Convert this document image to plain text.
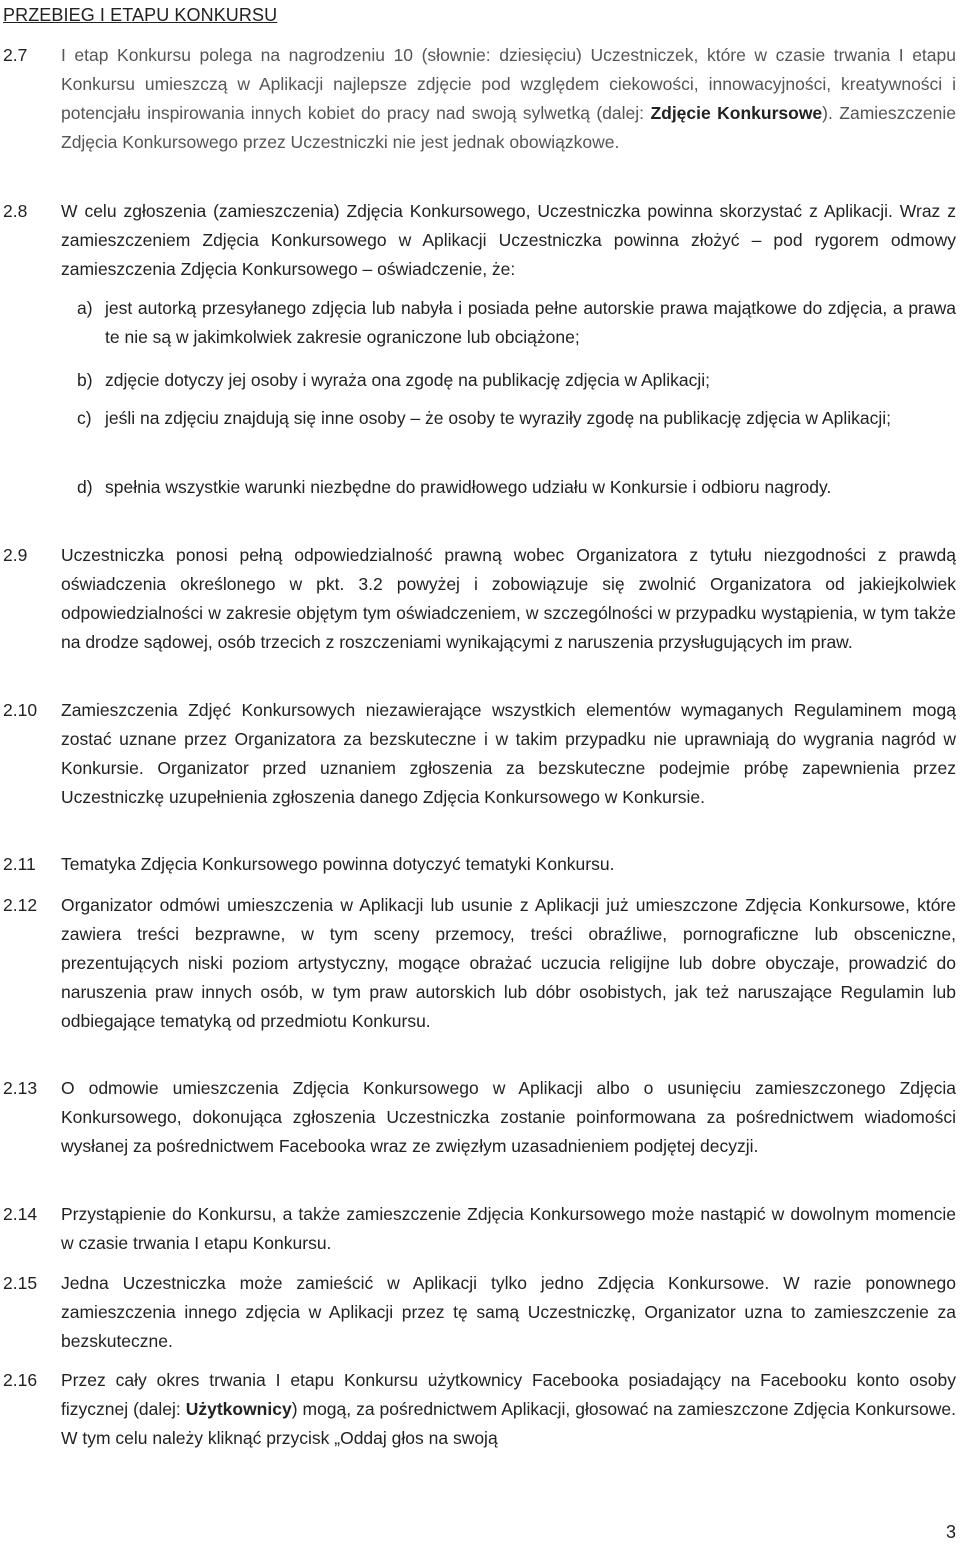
PRZEBIEG I ETAPU KONKURSU
2.7 I etap Konkursu polega na nagrodzeniu 10 (słownie: dziesięciu) Uczestniczek, które w czasie trwania I etapu Konkursu umieszczą w Aplikacji najlepsze zdjęcie pod względem ciekowości, innowacyjności, kreatywności i potencjału inspirowania innych kobiet do pracy nad swoją sylwetką (dalej: Zdjęcie Konkursowe). Zamieszczenie Zdjęcia Konkursowego przez Uczestniczki nie jest jednak obowiązkowe.
2.8 W celu zgłoszenia (zamieszczenia) Zdjęcia Konkursowego, Uczestniczka powinna skorzystać z Aplikacji. Wraz z zamieszczeniem Zdjęcia Konkursowego w Aplikacji Uczestniczka powinna złożyć – pod rygorem odmowy zamieszczenia Zdjęcia Konkursowego – oświadczenie, że:
a) jest autorką przesyłanego zdjęcia lub nabyła i posiada pełne autorskie prawa majątkowe do zdjęcia, a prawa te nie są w jakimkolwiek zakresie ograniczone lub obciążone;
b) zdjęcie dotyczy jej osoby i wyraża ona zgodę na publikację zdjęcia w Aplikacji;
c) jeśli na zdjęciu znajdują się inne osoby – że osoby te wyraziły zgodę na publikację zdjęcia w Aplikacji;
d) spełnia wszystkie warunki niezbędne do prawidłowego udziału w Konkursie i odbioru nagrody.
2.9 Uczestniczka ponosi pełną odpowiedzialność prawną wobec Organizatora z tytułu niezgodności z prawdą oświadczenia określonego w pkt. 3.2 powyżej i zobowiązuje się zwolnić Organizatora od jakiejkolwiek odpowiedzialności w zakresie objętym tym oświadczeniem, w szczególności w przypadku wystąpienia, w tym także na drodze sądowej, osób trzecich z roszczeniami wynikającymi z naruszenia przysługujących im praw.
2.10 Zamieszczenia Zdjęć Konkursowych niezawierające wszystkich elementów wymaganych Regulaminem mogą zostać uznane przez Organizatora za bezskuteczne i w takim przypadku nie uprawniają do wygrania nagród w Konkursie. Organizator przed uznaniem zgłoszenia za bezskuteczne podejmie próbę zapewnienia przez Uczestniczkę uzupełnienia zgłoszenia danego Zdjęcia Konkursowego w Konkursie.
2.11 Tematyka Zdjęcia Konkursowego powinna dotyczyć tematyki Konkursu.
2.12 Organizator odmówi umieszczenia w Aplikacji lub usunie z Aplikacji już umieszczone Zdjęcia Konkursowe, które zawiera treści bezprawne, w tym sceny przemocy, treści obraźliwe, pornograficzne lub obsceniczne, prezentujących niski poziom artystyczny, mogące obrażać uczucia religijne lub dobre obyczaje, prowadzić do naruszenia praw innych osób, w tym praw autorskich lub dóbr osobistych, jak też naruszające Regulamin lub odbiegające tematyką od przedmiotu Konkursu.
2.13 O odmowie umieszczenia Zdjęcia Konkursowego w Aplikacji albo o usunięciu zamieszczonego Zdjęcia Konkursowego, dokonująca zgłoszenia Uczestniczka zostanie poinformowana za pośrednictwem wiadomości wysłanej za pośrednictwem Facebooka wraz ze zwięzłym uzasadnieniem podjętej decyzji.
2.14 Przystąpienie do Konkursu, a także zamieszczenie Zdjęcia Konkursowego może nastąpić w dowolnym momencie w czasie trwania I etapu Konkursu.
2.15 Jedna Uczestniczka może zamieścić w Aplikacji tylko jedno Zdjęcia Konkursowe. W razie ponownego zamieszczenia innego zdjęcia w Aplikacji przez tę samą Uczestniczkę, Organizator uzna to zamieszczenie za bezskuteczne.
2.16 Przez cały okres trwania I etapu Konkursu użytkownicy Facebooka posiadający na Facebooku konto osoby fizycznej (dalej: Użytkownicy) mogą, za pośrednictwem Aplikacji, głosować na zamieszczone Zdjęcia Konkursowe. W tym celu należy kliknąć przycisk „Oddaj głos na swoją
3
